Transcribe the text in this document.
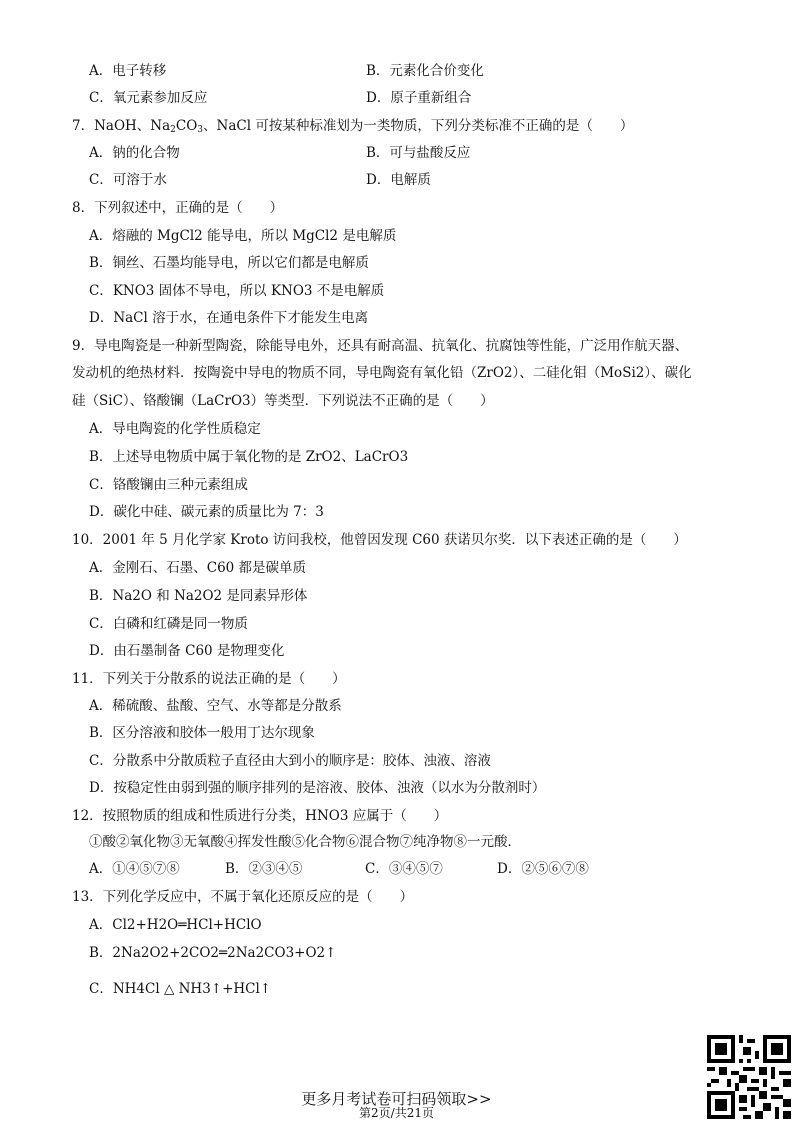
A．电子转移	B．元素化合价变化
C．氧元素参加反应	D．原子重新组合
7．NaOH、$Na_2CO_3$、NaCl 可按某种标准划为一类物质，下列分类标准不正确的是（　　）
A．钠的化合物	B．可与盐酸反应
C．可溶于水	D．电解质
8．下列叙述中，正确的是（　　）
A．熔融的 MgCl2 能导电，所以 MgCl2 是电解质
B．铜丝、石墨均能导电，所以它们都是电解质
C．KNO3 固体不导电，所以 KNO3 不是电解质
D．NaCl 溶于水，在通电条件下才能发生电离
9．导电陶瓷是一种新型陶瓷，除能导电外，还具有耐高温、抗氧化、抗腐蚀等性能，广泛用作航天器、
发动机的绝热材料．按陶瓷中导电的物质不同，导电陶瓷有氧化铅（ZrO2）、二硅化钼（MoSi2）、碳化
硅（SiC）、铬酸镧（LaCrO3）等类型．下列说法不正确的是（　　）
A．导电陶瓷的化学性质稳定
B．上述导电物质中属于氧化物的是 ZrO2、LaCrO3
C．铬酸镧由三种元素组成
D．碳化中硅、碳元素的质量比为 7：3
10．2001 年 5 月化学家 Kroto 访问我校，他曾因发现 C60 获诺贝尔奖．以下表述正确的是（　　）
A．金刚石、石墨、C60 都是碳单质
B．Na2O 和 Na2O2 是同素异形体
C．白磷和红磷是同一物质
D．由石墨制备 C60 是物理变化
11．下列关于分散系的说法正确的是（　　）
A．稀硫酸、盐酸、空气、水等都是分散系
B．区分溶液和胶体一般用丁达尔现象
C．分散系中分散质粒子直径由大到小的顺序是：胶体、浊液、溶液
D．按稳定性由弱到强的顺序排列的是溶液、胶体、浊液（以水为分散剂时）
12．按照物质的组成和性质进行分类，HNO3 应属于（　　）
①酸②氧化物③无氧酸④挥发性酸⑤化合物⑥混合物⑦纯净物⑧一元酸．
A．①④⑤⑦⑧	B．②③④⑤	C．③④⑤⑦	D．②⑤⑥⑦⑧
13．下列化学反应中，不属于氧化还原反应的是（　　）
A．Cl2+H2O═HCl+HClO
B．2Na2O2+2CO2═2Na2CO3+O2↑
C．NH4Cl △ NH3↑+HCl↑
更多月考试卷可扫码领取>>
第2页/共21页
